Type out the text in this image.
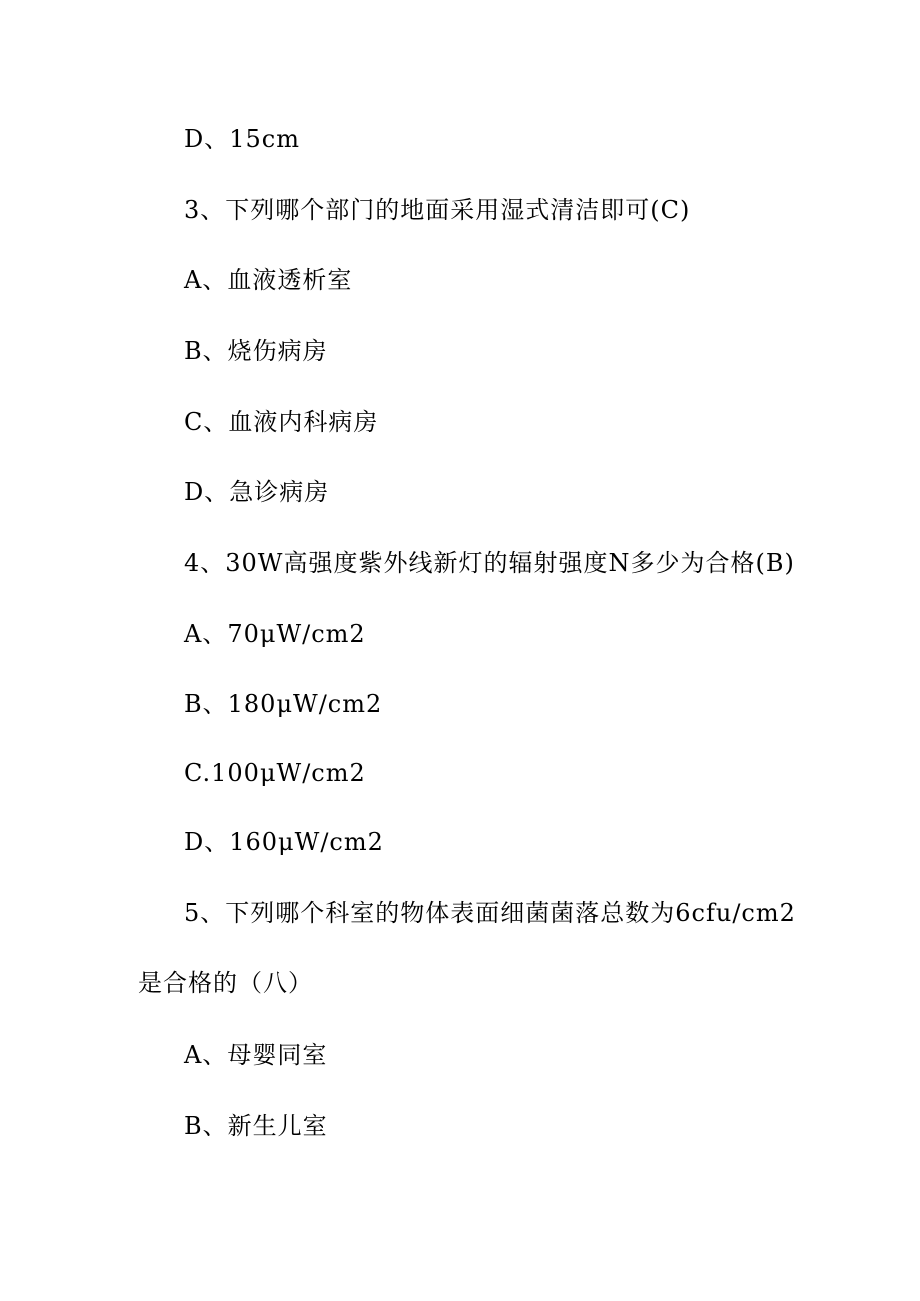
D、15cm
3、下列哪个部门的地面采用湿式清洁即可(C)
A、血液透析室
B、烧伤病房
C、血液内科病房
D、急诊病房
4、30W高强度紫外线新灯的辐射强度N多少为合格(B)
A、70μW∕cm2
B、180μW∕cm2
C.100μW∕cm2
D、160μW∕cm2
5、下列哪个科室的物体表面细菌菌落总数为6cfu∕cm2
是合格的（八）
A、母婴同室
B、新生儿室
